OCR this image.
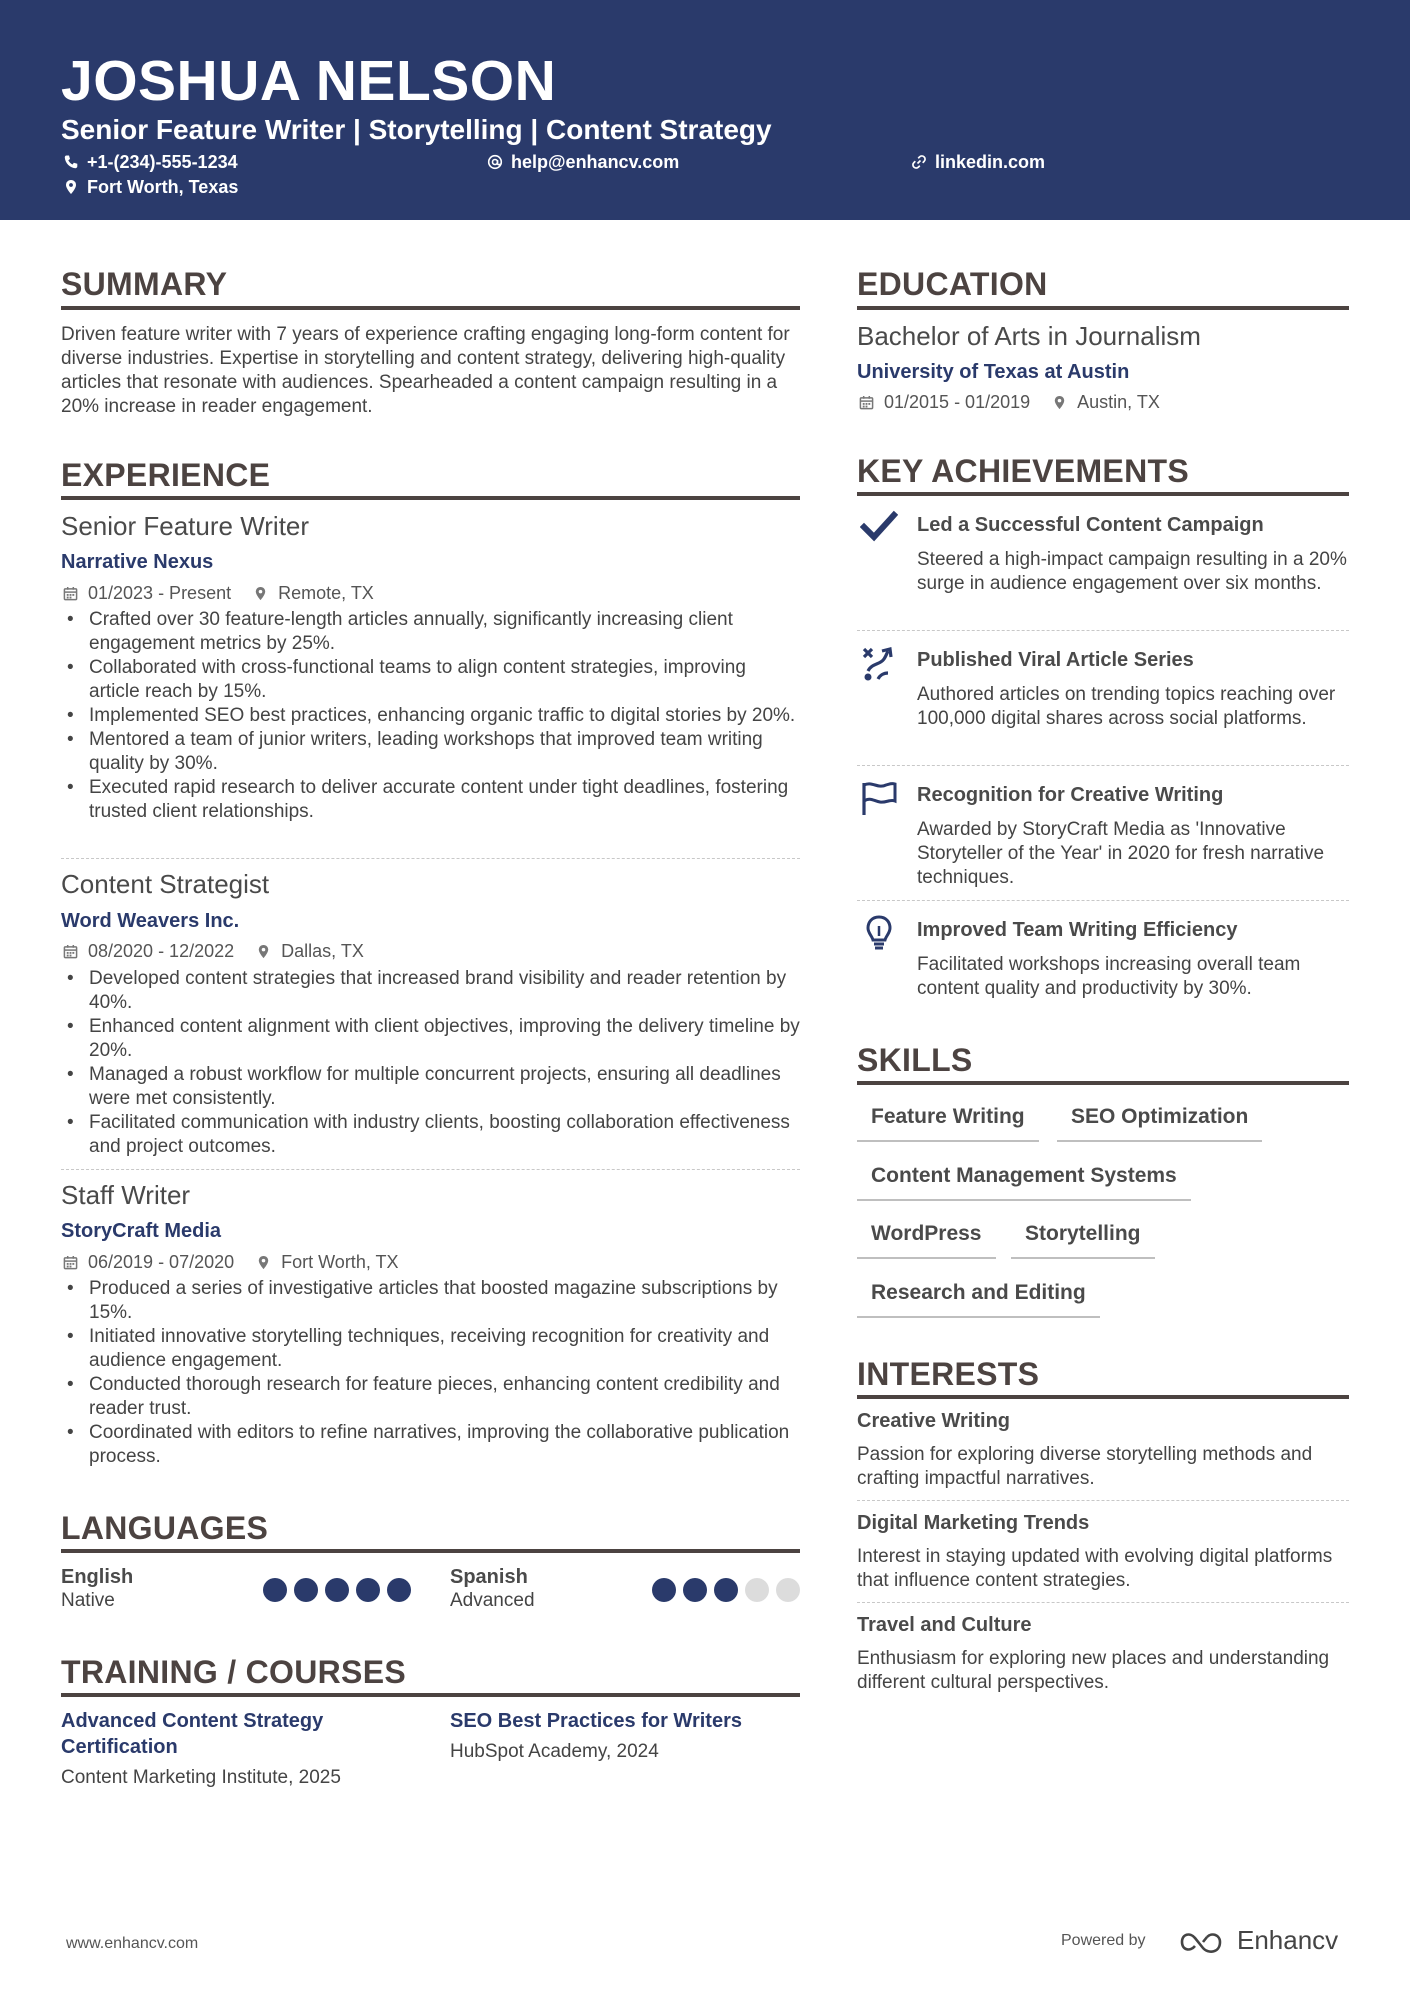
JOSHUA NELSON
Senior Feature Writer | Storytelling | Content Strategy
+1-(234)-555-1234	help@enhancv.com	linkedin.com
Fort Worth, Texas
SUMMARY
Driven feature writer with 7 years of experience crafting engaging long-form content for diverse industries. Expertise in storytelling and content strategy, delivering high-quality articles that resonate with audiences. Spearheaded a content campaign resulting in a 20% increase in reader engagement.
EXPERIENCE
Senior Feature Writer
Narrative Nexus
01/2023 - Present	Remote, TX
• Crafted over 30 feature-length articles annually, significantly increasing client engagement metrics by 25%.
• Collaborated with cross-functional teams to align content strategies, improving article reach by 15%.
• Implemented SEO best practices, enhancing organic traffic to digital stories by 20%.
• Mentored a team of junior writers, leading workshops that improved team writing quality by 30%.
• Executed rapid research to deliver accurate content under tight deadlines, fostering trusted client relationships.
Content Strategist
Word Weavers Inc.
08/2020 - 12/2022	Dallas, TX
• Developed content strategies that increased brand visibility and reader retention by 40%.
• Enhanced content alignment with client objectives, improving the delivery timeline by 20%.
• Managed a robust workflow for multiple concurrent projects, ensuring all deadlines were met consistently.
• Facilitated communication with industry clients, boosting collaboration effectiveness and project outcomes.
Staff Writer
StoryCraft Media
06/2019 - 07/2020	Fort Worth, TX
• Produced a series of investigative articles that boosted magazine subscriptions by 15%.
• Initiated innovative storytelling techniques, receiving recognition for creativity and audience engagement.
• Conducted thorough research for feature pieces, enhancing content credibility and reader trust.
• Coordinated with editors to refine narratives, improving the collaborative publication process.
LANGUAGES
English
Native
Spanish
Advanced
TRAINING / COURSES
Advanced Content Strategy Certification
Content Marketing Institute, 2025
SEO Best Practices for Writers
HubSpot Academy, 2024
EDUCATION
Bachelor of Arts in Journalism
University of Texas at Austin
01/2015 - 01/2019	Austin, TX
KEY ACHIEVEMENTS
Led a Successful Content Campaign
Steered a high-impact campaign resulting in a 20% surge in audience engagement over six months.
Published Viral Article Series
Authored articles on trending topics reaching over 100,000 digital shares across social platforms.
Recognition for Creative Writing
Awarded by StoryCraft Media as 'Innovative Storyteller of the Year' in 2020 for fresh narrative techniques.
Improved Team Writing Efficiency
Facilitated workshops increasing overall team content quality and productivity by 30%.
SKILLS
Feature Writing	SEO Optimization
Content Management Systems
WordPress	Storytelling
Research and Editing
INTERESTS
Creative Writing
Passion for exploring diverse storytelling methods and crafting impactful narratives.
Digital Marketing Trends
Interest in staying updated with evolving digital platforms that influence content strategies.
Travel and Culture
Enthusiasm for exploring new places and understanding different cultural perspectives.
www.enhancv.com	Powered by	Enhancv
